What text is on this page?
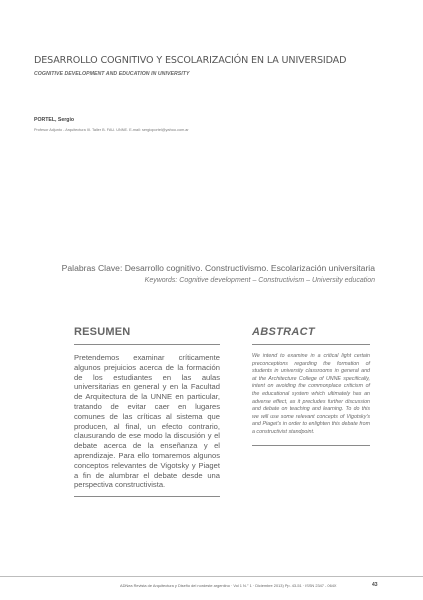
DESARROLLO COGNITIVO Y ESCOLARIZACIÓN EN LA UNIVERSIDAD
COGNITIVE DEVELOPMENT AND EDUCATION IN UNIVERSITY
PORTEL, Sergio
Profesor Adjunto - Arquitectura III. Taller B. FAU. UNNE. E-mail: sergioportel@yahoo.com.ar
Palabras Clave: Desarrollo cognitivo. Constructivismo. Escolarización universitaria
Keywords: Cognitive development – Constructivism – University education
RESUMEN

Pretendemos examinar críticamente algunos prejuicios acerca de la formación de los estudiantes en las aulas universitarias en general y en la Facultad de Arquitectura de la UNNE en particular, tratando de evitar caer en lugares comunes de las críticas al sistema que producen, al final, un efecto contrario, clausurando de ese modo la discusión y el debate acerca de la enseñanza y el aprendizaje. Para ello tomaremos algunos conceptos relevantes de Vigotsky y Piaget a fin de alumbrar el debate desde una perspectiva constructivista.

ABSTRACT

We intend to examine in a critical light certain preconceptions regarding the formation of students in university classrooms in general and at the Architecture College of UNNE specifically, intent on avoiding the commonplace criticism of the educational system which ultimately has an adverse effect, as it precludes further discussion and debate on teaching and learning. To do this we will use some relevant concepts of Vigotsky's and Piaget's in order to enlighten this debate from a constructivist standpoint.

ADNea Revista de Arquitectura y Diseño del nordeste argentino · Vol 1 N.° 1 · Diciembre 2013) Pp. 43-51 · ISSN 2347 - 064X	43
